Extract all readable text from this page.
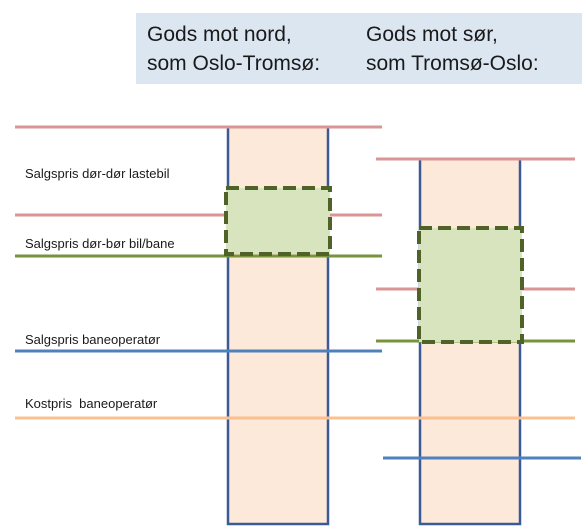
Gods mot nord,
som Oslo-Tromsø:
Gods mot sør,
som Tromsø-Oslo:
Salgspris dør-dør lastebil
Salgspris dør-bør bil/bane
Salgspris baneoperatør
Kostpris  baneoperatør
